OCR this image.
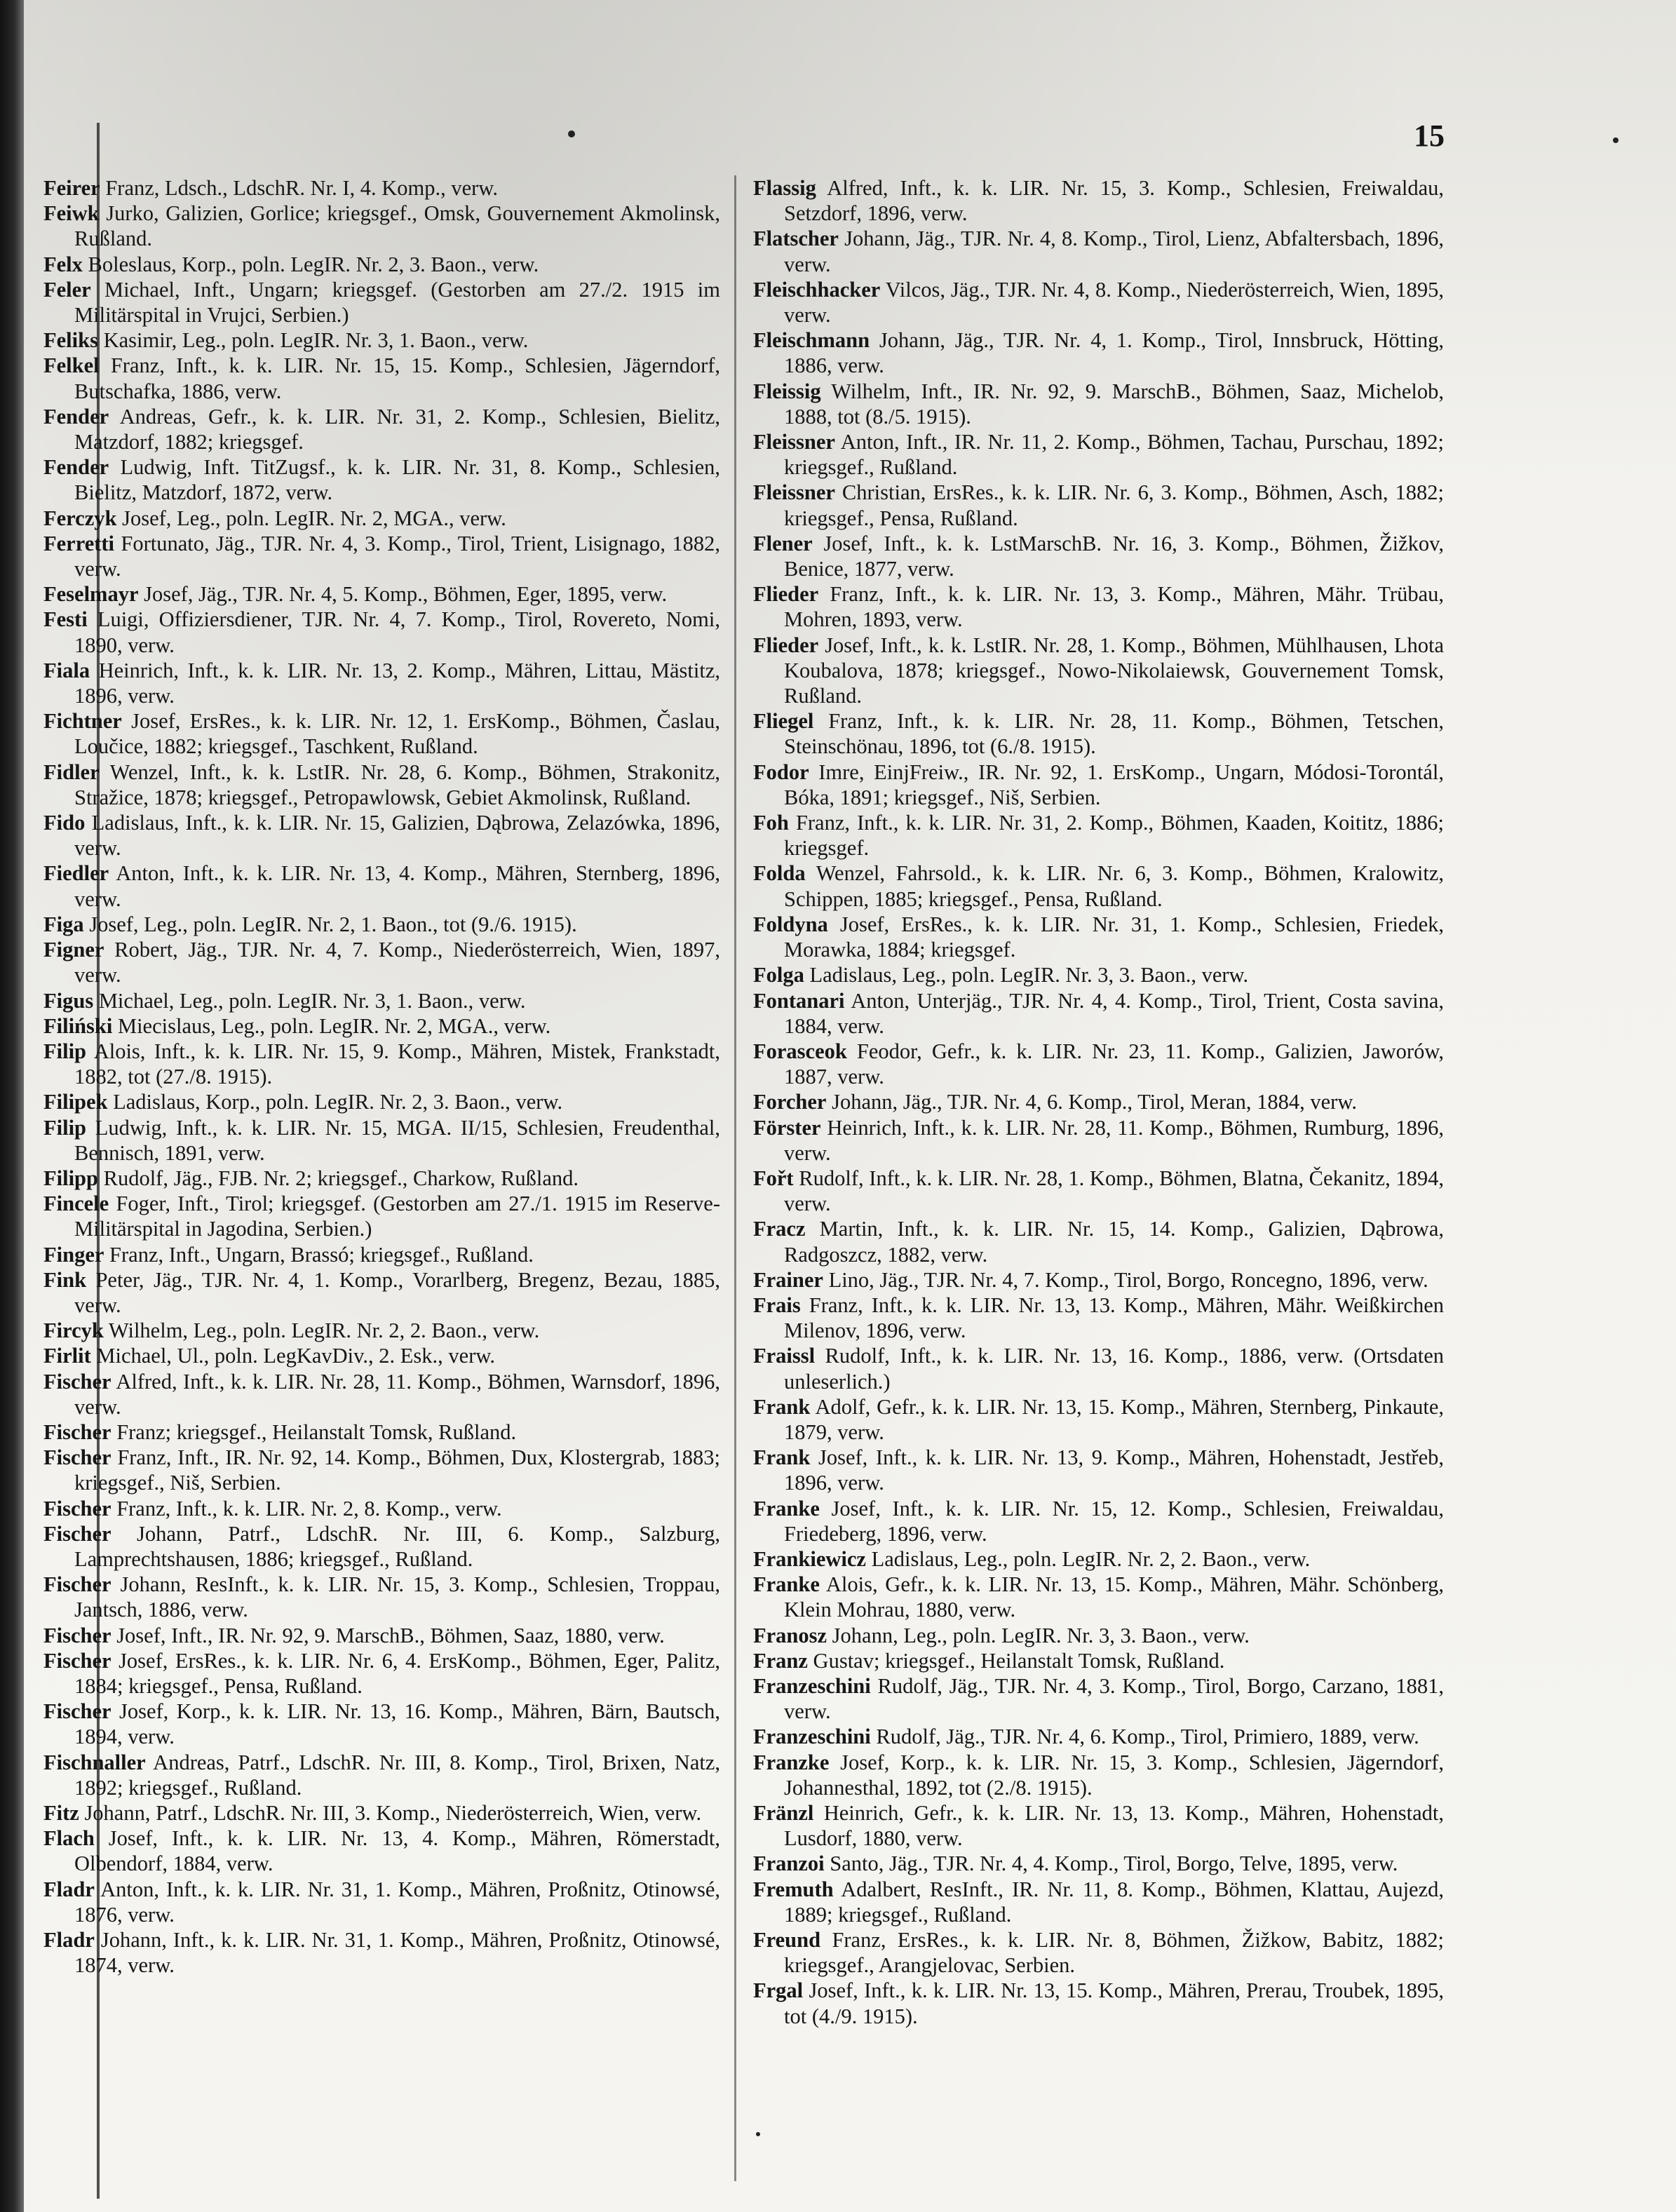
15

Feirer Franz, Ldsch., LdschR. Nr. I, 4. Komp., verw.

Feiwk Jurko, Galizien, Gorlice; kriegsgef., Omsk, Gouvernement Akmolinsk, Rußland.

Felx Boleslaus, Korp., poln. LegIR. Nr. 2, 3. Baon., verw.

Feler Michael, Inft., Ungarn; kriegsgef. (Gestorben am 27./2. 1915 im Militärspital in Vrujci, Serbien.)

Feliks Kasimir, Leg., poln. LegIR. Nr. 3, 1. Baon., verw.

Felkel Franz, Inft., k. k. LIR. Nr. 15, 15. Komp., Schlesien, Jägerndorf, Butschafka, 1886, verw.

Fender Andreas, Gefr., k. k. LIR. Nr. 31, 2. Komp., Schlesien, Bielitz, Matzdorf, 1882; kriegsgef.

Fender Ludwig, Inft. TitZugsf., k. k. LIR. Nr. 31, 8. Komp., Schlesien, Bielitz, Matzdorf, 1872, verw.

Ferczyk Josef, Leg., poln. LegIR. Nr. 2, MGA., verw.

Ferretti Fortunato, Jäg., TJR. Nr. 4, 3. Komp., Tirol, Trient, Lisignago, 1882, verw.

Feselmayr Josef, Jäg., TJR. Nr. 4, 5. Komp., Böhmen, Eger, 1895, verw.

Festi Luigi, Offiziersdiener, TJR. Nr. 4, 7. Komp., Tirol, Rovereto, Nomi, 1890, verw.

Fiala Heinrich, Inft., k. k. LIR. Nr. 13, 2. Komp., Mähren, Littau, Mästitz, 1896, verw.

Fichtner Josef, ErsRes., k. k. LIR. Nr. 12, 1. ErsKomp., Böhmen, Časlau, Loučice, 1882; kriegsgef., Taschkent, Rußland.

Fidler Wenzel, Inft., k. k. LstIR. Nr. 28, 6. Komp., Böhmen, Strakonitz, Stražice, 1878; kriegsgef., Petropawlowsk, Gebiet Akmolinsk, Rußland.

Fido Ladislaus, Inft., k. k. LIR. Nr. 15, Galizien, Dąbrowa, Zelazówka, 1896, verw.

Fiedler Anton, Inft., k. k. LIR. Nr. 13, 4. Komp., Mähren, Sternberg, 1896, verw.

Figa Josef, Leg., poln. LegIR. Nr. 2, 1. Baon., tot (9./6. 1915).

Figner Robert, Jäg., TJR. Nr. 4, 7. Komp., Niederösterreich, Wien, 1897, verw.

Figus Michael, Leg., poln. LegIR. Nr. 3, 1. Baon., verw.

Filiński Miecislaus, Leg., poln. LegIR. Nr. 2, MGA., verw.

Filip Alois, Inft., k. k. LIR. Nr. 15, 9. Komp., Mähren, Mistek, Frankstadt, 1882, tot (27./8. 1915).

Filipek Ladislaus, Korp., poln. LegIR. Nr. 2, 3. Baon., verw.

Filip Ludwig, Inft., k. k. LIR. Nr. 15, MGA. II/15, Schlesien, Freudenthal, Bennisch, 1891, verw.

Filipp Rudolf, Jäg., FJB. Nr. 2; kriegsgef., Charkow, Rußland.

Fincele Foger, Inft., Tirol; kriegsgef. (Gestorben am 27./1. 1915 im Reserve-Militärspital in Jagodina, Serbien.)

Finger Franz, Inft., Ungarn, Brassó; kriegsgef., Rußland.

Fink Peter, Jäg., TJR. Nr. 4, 1. Komp., Vorarlberg, Bregenz, Bezau, 1885, verw.

Fircyk Wilhelm, Leg., poln. LegIR. Nr. 2, 2. Baon., verw.

Firlit Michael, Ul., poln. LegKavDiv., 2. Esk., verw.

Fischer Alfred, Inft., k. k. LIR. Nr. 28, 11. Komp., Böhmen, Warnsdorf, 1896, verw.

Fischer Franz; kriegsgef., Heilanstalt Tomsk, Rußland.

Fischer Franz, Inft., IR. Nr. 92, 14. Komp., Böhmen, Dux, Klostergrab, 1883; kriegsgef., Niš, Serbien.

Fischer Franz, Inft., k. k. LIR. Nr. 2, 8. Komp., verw.

Fischer Johann, Patrf., LdschR. Nr. III, 6. Komp., Salzburg, Lamprechtshausen, 1886; kriegsgef., Rußland.

Fischer Johann, ResInft., k. k. LIR. Nr. 15, 3. Komp., Schlesien, Troppau, Jantsch, 1886, verw.

Fischer Josef, Inft., IR. Nr. 92, 9. MarschB., Böhmen, Saaz, 1880, verw.

Fischer Josef, ErsRes., k. k. LIR. Nr. 6, 4. ErsKomp., Böhmen, Eger, Palitz, 1884; kriegsgef., Pensa, Rußland.

Fischer Josef, Korp., k. k. LIR. Nr. 13, 16. Komp., Mähren, Bärn, Bautsch, 1894, verw.

Fischnaller Andreas, Patrf., LdschR. Nr. III, 8. Komp., Tirol, Brixen, Natz, 1892; kriegsgef., Rußland.

Fitz Johann, Patrf., LdschR. Nr. III, 3. Komp., Niederösterreich, Wien, verw.

Flach Josef, Inft., k. k. LIR. Nr. 13, 4. Komp., Mähren, Römerstadt, Olbendorf, 1884, verw.

Fladr Anton, Inft., k. k. LIR. Nr. 31, 1. Komp., Mähren, Proßnitz, Otinowsé, 1876, verw.

Fladr Johann, Inft., k. k. LIR. Nr. 31, 1. Komp., Mähren, Proßnitz, Otinowsé, 1874, verw.

Flassig Alfred, Inft., k. k. LIR. Nr. 15, 3. Komp., Schlesien, Freiwaldau, Setzdorf, 1896, verw.

Flatscher Johann, Jäg., TJR. Nr. 4, 8. Komp., Tirol, Lienz, Abfaltersbach, 1896, verw.

Fleischhacker Vilcos, Jäg., TJR. Nr. 4, 8. Komp., Niederösterreich, Wien, 1895, verw.

Fleischmann Johann, Jäg., TJR. Nr. 4, 1. Komp., Tirol, Innsbruck, Hötting, 1886, verw.

Fleissig Wilhelm, Inft., IR. Nr. 92, 9. MarschB., Böhmen, Saaz, Michelob, 1888, tot (8./5. 1915).

Fleissner Anton, Inft., IR. Nr. 11, 2. Komp., Böhmen, Tachau, Purschau, 1892; kriegsgef., Rußland.

Fleissner Christian, ErsRes., k. k. LIR. Nr. 6, 3. Komp., Böhmen, Asch, 1882; kriegsgef., Pensa, Rußland.

Flener Josef, Inft., k. k. LstMarschB. Nr. 16, 3. Komp., Böhmen, Žižkov, Benice, 1877, verw.

Flieder Franz, Inft., k. k. LIR. Nr. 13, 3. Komp., Mähren, Mähr. Trübau, Mohren, 1893, verw.

Flieder Josef, Inft., k. k. LstIR. Nr. 28, 1. Komp., Böhmen, Mühlhausen, Lhota Koubalova, 1878; kriegsgef., Nowo-Nikolaiewsk, Gouvernement Tomsk, Rußland.

Fliegel Franz, Inft., k. k. LIR. Nr. 28, 11. Komp., Böhmen, Tetschen, Steinschönau, 1896, tot (6./8. 1915).

Fodor Imre, EinjFreiw., IR. Nr. 92, 1. ErsKomp., Ungarn, Módosi-Torontál, Bóka, 1891; kriegsgef., Niš, Serbien.

Foh Franz, Inft., k. k. LIR. Nr. 31, 2. Komp., Böhmen, Kaaden, Koititz, 1886; kriegsgef.

Folda Wenzel, Fahrsold., k. k. LIR. Nr. 6, 3. Komp., Böhmen, Kralowitz, Schippen, 1885; kriegsgef., Pensa, Rußland.

Foldyna Josef, ErsRes., k. k. LIR. Nr. 31, 1. Komp., Schlesien, Friedek, Morawka, 1884; kriegsgef.

Folga Ladislaus, Leg., poln. LegIR. Nr. 3, 3. Baon., verw.

Fontanari Anton, Unterjäg., TJR. Nr. 4, 4. Komp., Tirol, Trient, Costa savina, 1884, verw.

Forasceok Feodor, Gefr., k. k. LIR. Nr. 23, 11. Komp., Galizien, Jaworów, 1887, verw.

Forcher Johann, Jäg., TJR. Nr. 4, 6. Komp., Tirol, Meran, 1884, verw.

Förster Heinrich, Inft., k. k. LIR. Nr. 28, 11. Komp., Böhmen, Rumburg, 1896, verw.

Fořt Rudolf, Inft., k. k. LIR. Nr. 28, 1. Komp., Böhmen, Blatna, Čekanitz, 1894, verw.

Fracz Martin, Inft., k. k. LIR. Nr. 15, 14. Komp., Galizien, Dąbrowa, Radgoszcz, 1882, verw.

Frainer Lino, Jäg., TJR. Nr. 4, 7. Komp., Tirol, Borgo, Roncegno, 1896, verw.

Frais Franz, Inft., k. k. LIR. Nr. 13, 13. Komp., Mähren, Mähr. Weißkirchen Milenov, 1896, verw.

Fraissl Rudolf, Inft., k. k. LIR. Nr. 13, 16. Komp., 1886, verw. (Ortsdaten unleserlich.)

Frank Adolf, Gefr., k. k. LIR. Nr. 13, 15. Komp., Mähren, Sternberg, Pinkaute, 1879, verw.

Frank Josef, Inft., k. k. LIR. Nr. 13, 9. Komp., Mähren, Hohenstadt, Jestřeb, 1896, verw.

Franke Josef, Inft., k. k. LIR. Nr. 15, 12. Komp., Schlesien, Freiwaldau, Friedeberg, 1896, verw.

Frankiewicz Ladislaus, Leg., poln. LegIR. Nr. 2, 2. Baon., verw.

Franke Alois, Gefr., k. k. LIR. Nr. 13, 15. Komp., Mähren, Mähr. Schönberg, Klein Mohrau, 1880, verw.

Franosz Johann, Leg., poln. LegIR. Nr. 3, 3. Baon., verw.

Franz Gustav; kriegsgef., Heilanstalt Tomsk, Rußland.

Franzeschini Rudolf, Jäg., TJR. Nr. 4, 3. Komp., Tirol, Borgo, Carzano, 1881, verw.

Franzeschini Rudolf, Jäg., TJR. Nr. 4, 6. Komp., Tirol, Primiero, 1889, verw.

Franzke Josef, Korp., k. k. LIR. Nr. 15, 3. Komp., Schlesien, Jägerndorf, Johannesthal, 1892, tot (2./8. 1915).

Fränzl Heinrich, Gefr., k. k. LIR. Nr. 13, 13. Komp., Mähren, Hohenstadt, Lusdorf, 1880, verw.

Franzoi Santo, Jäg., TJR. Nr. 4, 4. Komp., Tirol, Borgo, Telve, 1895, verw.

Fremuth Adalbert, ResInft., IR. Nr. 11, 8. Komp., Böhmen, Klattau, Aujezd, 1889; kriegsgef., Rußland.

Freund Franz, ErsRes., k. k. LIR. Nr. 8, Böhmen, Žižkow, Babitz, 1882; kriegsgef., Arangjelovac, Serbien.

Frgal Josef, Inft., k. k. LIR. Nr. 13, 15. Komp., Mähren, Prerau, Troubek, 1895, tot (4./9. 1915).
